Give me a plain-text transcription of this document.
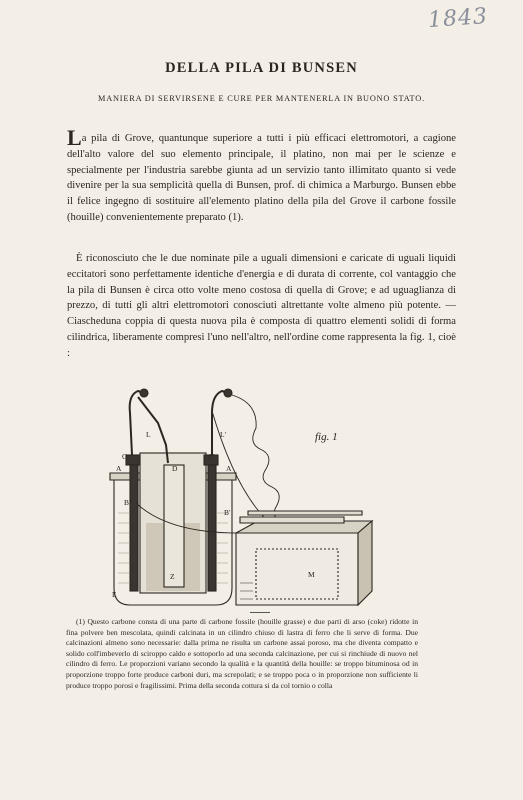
1843
DELLA PILA DI BUNSEN
MANIERA DI SERVIRSENE E CURE PER MANTENERLA IN BUONO STATO.
La pila di Grove, quantunque superiore a tutti i più efficaci elettromotori, a cagione dell'alto valore del suo elemento principale, il platino, non mai per le scienze e specialmente per l'industria sarebbe giunta ad un servizio tanto illimitato quanto si vede divenire per la sua semplicità quella di Bunsen, prof. di chimica a Marburgo. Bunsen ebbe il felice ingegno di sostituire all'elemento platino della pila del Grove il carbone fossile (houille) convenientemente preparato (1).
È riconosciuto che le due nominate pile a uguali dimensioni e caricate di uguali liquidi eccitatori sono perfettamente identiche d'energia e di durata di corrente, col vantaggio che la pila di Bunsen è circa otto volte meno costosa di quella di Grove; e ad uguaglianza di prezzo, di tutti gli altri elettromotori conosciuti altrettante volte almeno più potente. — Ciascheduna coppia di questa nuova pila è composta di quattro elementi solidi di forma cilindrica, liberamente compresi l'uno nell'altro, nell'ordine come rappresenta la fig. 1, cioè :
L	L'
C	C'
A	A
D
B
B'
Z
E
M
fig. 1
(1) Questo carbone consta di una parte di carbone fossile (houille grasse) e due parti di arso (coke) ridotte in fina polvere ben mescolata, quindi calcinata in un cilindro chiuso di lastra di ferro che li serve di forma. Due calcinazioni almeno sono necessarie: dalla prima ne risulta un carbone assai poroso, ma che diventa compatto e solido coll'imbeverlo di sciroppo caldo e sottoporlo ad una seconda calcinazione, per cui si rinchiude di nuovo nel cilindro di ferro. Le proporzioni variano secondo la qualità e la quantità della houille: se troppo bituminosa od in proporzione troppo forte produce carboni duri, ma screpolati; e se troppo poca o in proporzione non sufficiente li produce troppo porosi e fragilissimi. Prima della seconda cottura si da col tornio o colla
